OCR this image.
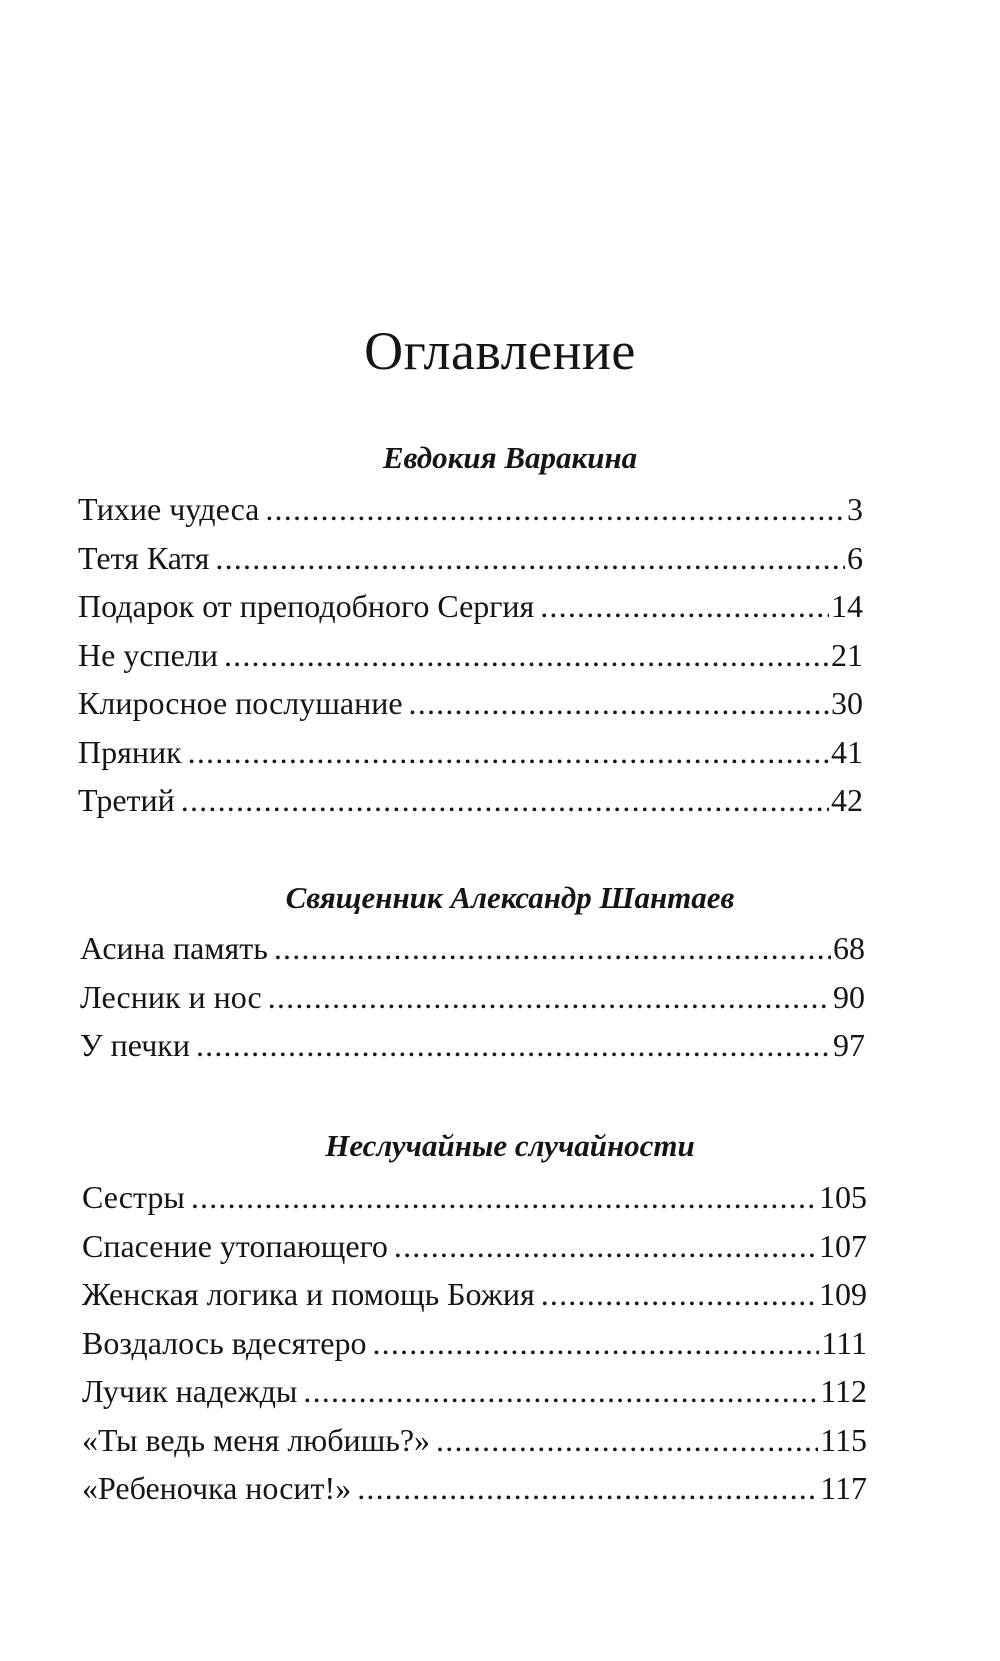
Оглавление
Евдокия Варакина
Тихие чудеса .....	3
Тетя Катя .....	6
Подарок от преподобного Сергия .....	14
Не успели .....	21
Клиросное послушание .....	30
Пряник .....	41
Третий .....	42
Священник Александр Шантаев
Асина память .....	68
Лесник и нос .....	90
У печки .....	97
Неслучайные случайности
Сестры .....	105
Спасение утопающего .....	107
Женская логика и помощь Божия .....	109
Воздалось вдесятеро .....	111
Лучик надежды .....	112
«Ты ведь меня любишь?» .....	115
«Ребеночка носит!» .....	117
